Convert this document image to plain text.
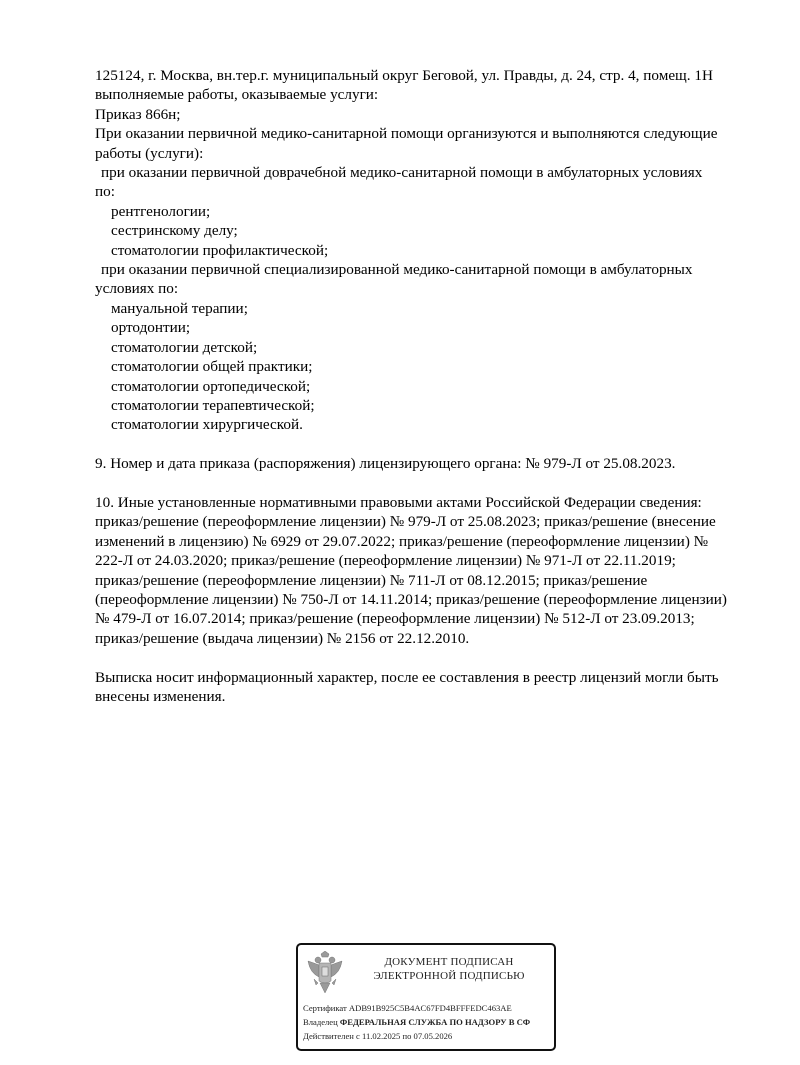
125124, г. Москва, вн.тер.г. муниципальный округ Беговой, ул. Правды, д. 24, стр. 4, помещ. 1Н
выполняемые работы, оказываемые услуги:
Приказ 866н;
При оказании первичной медико-санитарной помощи организуются и выполняются следующие
работы (услуги):
при оказании первичной доврачебной медико-санитарной помощи в амбулаторных условиях
по:
рентгенологии;
сестринскому делу;
стоматологии профилактической;
при оказании первичной специализированной медико-санитарной помощи в амбулаторных
условиях по:
мануальной терапии;
ортодонтии;
стоматологии детской;
стоматологии общей практики;
стоматологии ортопедической;
стоматологии терапевтической;
стоматологии хирургической.
9. Номер и дата приказа (распоряжения) лицензирующего органа: № 979-Л от 25.08.2023.
10. Иные установленные нормативными правовыми актами Российской Федерации сведения:
приказ/решение (переоформление лицензии) № 979-Л от 25.08.2023; приказ/решение (внесение
изменений в лицензию) № 6929 от 29.07.2022; приказ/решение (переоформление лицензии) №
222-Л от 24.03.2020; приказ/решение (переоформление лицензии) № 971-Л от 22.11.2019;
приказ/решение (переоформление лицензии) № 711-Л от 08.12.2015; приказ/решение
(переоформление лицензии) № 750-Л от 14.11.2014; приказ/решение (переоформление лицензии)
№ 479-Л от 16.07.2014; приказ/решение (переоформление лицензии) № 512-Л от 23.09.2013;
приказ/решение (выдача лицензии) № 2156 от 22.12.2010.
Выписка носит информационный характер, после ее составления в реестр лицензий могли быть
внесены изменения.
ДОКУМЕНТ ПОДПИСАН
ЭЛЕКТРОННОЙ ПОДПИСЬЮ
Сертификат ADB91B925C5B4AC67FD4BFFFEDC463AE
Владелец ФЕДЕРАЛЬНАЯ СЛУЖБА ПО НАДЗОРУ В СФ
Действителен с 11.02.2025 по 07.05.2026
